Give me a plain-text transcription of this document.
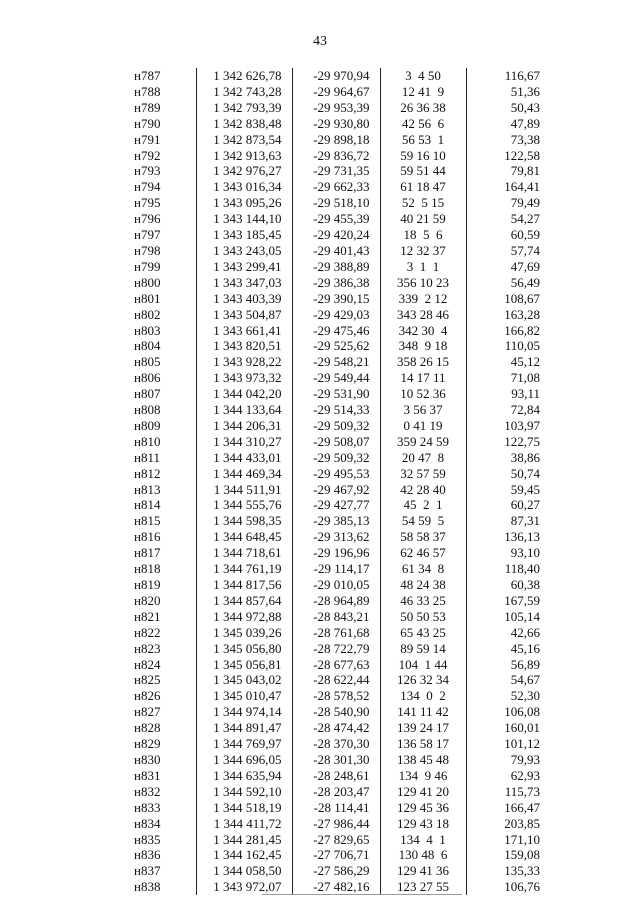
43
н787	1 342 626,78	-29 970,94	3  4 50	116,67
н788	1 342 743,28	-29 964,67	12 41  9	51,36
н789	1 342 793,39	-29 953,39	26 36 38	50,43
н790	1 342 838,48	-29 930,80	42 56  6	47,89
н791	1 342 873,54	-29 898,18	56 53  1	73,38
н792	1 342 913,63	-29 836,72	59 16 10	122,58
н793	1 342 976,27	-29 731,35	59 51 44	79,81
н794	1 343 016,34	-29 662,33	61 18 47	164,41
н795	1 343 095,26	-29 518,10	52  5 15	79,49
н796	1 343 144,10	-29 455,39	40 21 59	54,27
н797	1 343 185,45	-29 420,24	18  5  6	60,59
н798	1 343 243,05	-29 401,43	12 32 37	57,74
н799	1 343 299,41	-29 388,89	3  1  1	47,69
н800	1 343 347,03	-29 386,38	356 10 23	56,49
н801	1 343 403,39	-29 390,15	339  2 12	108,67
н802	1 343 504,87	-29 429,03	343 28 46	163,28
н803	1 343 661,41	-29 475,46	342 30  4	166,82
н804	1 343 820,51	-29 525,62	348  9 18	110,05
н805	1 343 928,22	-29 548,21	358 26 15	45,12
н806	1 343 973,32	-29 549,44	14 17 11	71,08
н807	1 344 042,20	-29 531,90	10 52 36	93,11
н808	1 344 133,64	-29 514,33	3 56 37	72,84
н809	1 344 206,31	-29 509,32	0 41 19	103,97
н810	1 344 310,27	-29 508,07	359 24 59	122,75
н811	1 344 433,01	-29 509,32	20 47  8	38,86
н812	1 344 469,34	-29 495,53	32 57 59	50,74
н813	1 344 511,91	-29 467,92	42 28 40	59,45
н814	1 344 555,76	-29 427,77	45  2  1	60,27
н815	1 344 598,35	-29 385,13	54 59  5	87,31
н816	1 344 648,45	-29 313,62	58 58 37	136,13
н817	1 344 718,61	-29 196,96	62 46 57	93,10
н818	1 344 761,19	-29 114,17	61 34  8	118,40
н819	1 344 817,56	-29 010,05	48 24 38	60,38
н820	1 344 857,64	-28 964,89	46 33 25	167,59
н821	1 344 972,88	-28 843,21	50 50 53	105,14
н822	1 345 039,26	-28 761,68	65 43 25	42,66
н823	1 345 056,80	-28 722,79	89 59 14	45,16
н824	1 345 056,81	-28 677,63	104  1 44	56,89
н825	1 345 043,02	-28 622,44	126 32 34	54,67
н826	1 345 010,47	-28 578,52	134  0  2	52,30
н827	1 344 974,14	-28 540,90	141 11 42	106,08
н828	1 344 891,47	-28 474,42	139 24 17	160,01
н829	1 344 769,97	-28 370,30	136 58 17	101,12
н830	1 344 696,05	-28 301,30	138 45 48	79,93
н831	1 344 635,94	-28 248,61	134  9 46	62,93
н832	1 344 592,10	-28 203,47	129 41 20	115,73
н833	1 344 518,19	-28 114,41	129 45 36	166,47
н834	1 344 411,72	-27 986,44	129 43 18	203,85
н835	1 344 281,45	-27 829,65	134  4  1	171,10
н836	1 344 162,45	-27 706,71	130 48  6	159,08
н837	1 344 058,50	-27 586,29	129 41 36	135,33
н838	1 343 972,07	-27 482,16	123 27 55	106,76
